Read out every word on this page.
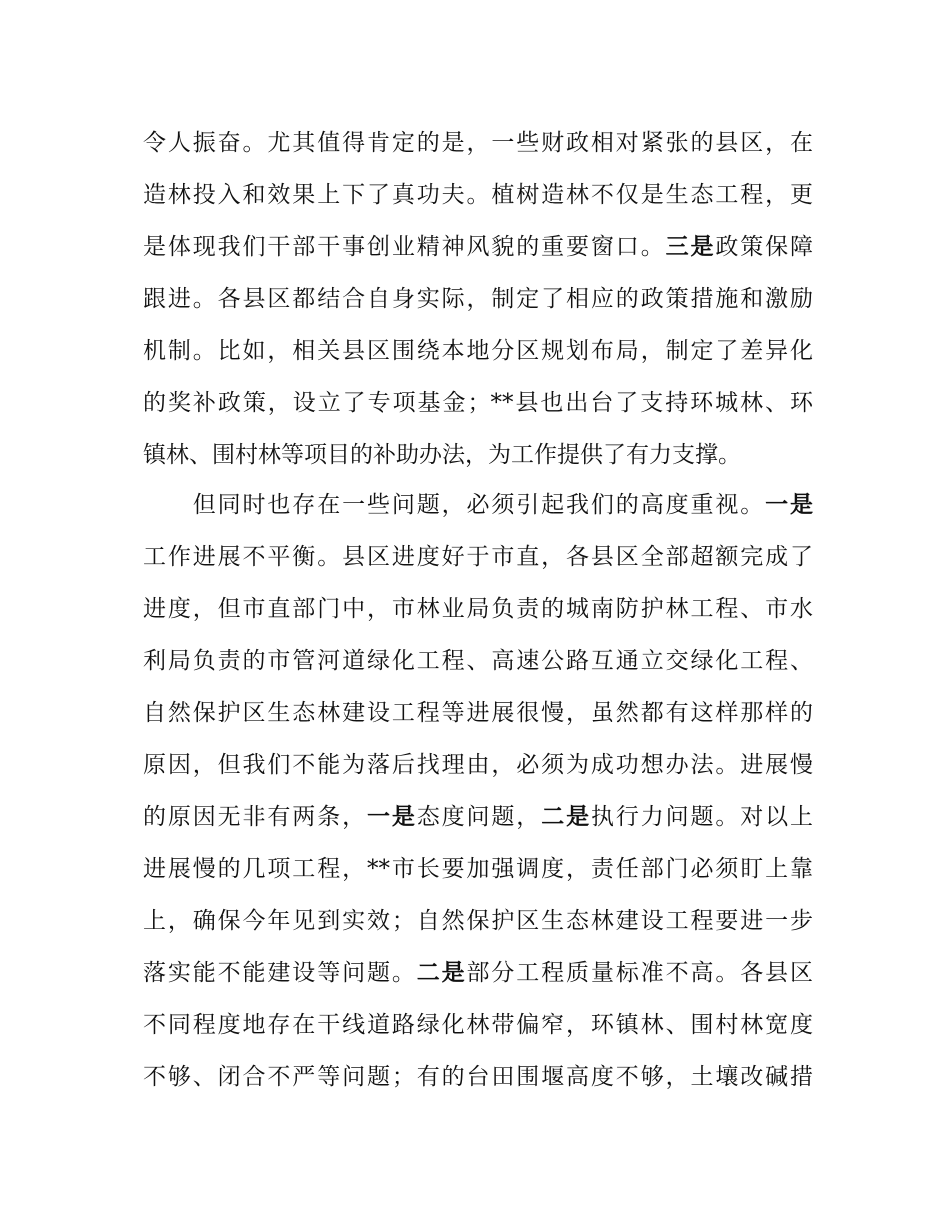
令人振奋。尤其值得肯定的是，一些财政相对紧张的县区，在
造林投入和效果上下了真功夫。植树造林不仅是生态工程，更
是体现我们干部干事创业精神风貌的重要窗口。三是政策保障
跟进。各县区都结合自身实际，制定了相应的政策措施和激励
机制。比如，相关县区围绕本地分区规划布局，制定了差异化
的奖补政策，设立了专项基金；**县也出台了支持环城林、环
镇林、围村林等项目的补助办法，为工作提供了有力支撑。
　　但同时也存在一些问题，必须引起我们的高度重视。一是
工作进展不平衡。县区进度好于市直，各县区全部超额完成了
进度，但市直部门中，市林业局负责的城南防护林工程、市水
利局负责的市管河道绿化工程、高速公路互通立交绿化工程、
自然保护区生态林建设工程等进展很慢，虽然都有这样那样的
原因，但我们不能为落后找理由，必须为成功想办法。进展慢
的原因无非有两条，一是态度问题，二是执行力问题。对以上
进展慢的几项工程，**市长要加强调度，责任部门必须盯上靠
上，确保今年见到实效；自然保护区生态林建设工程要进一步
落实能不能建设等问题。二是部分工程质量标准不高。各县区
不同程度地存在干线道路绿化林带偏窄，环镇林、围村林宽度
不够、闭合不严等问题；有的台田围堰高度不够，土壤改碱措
